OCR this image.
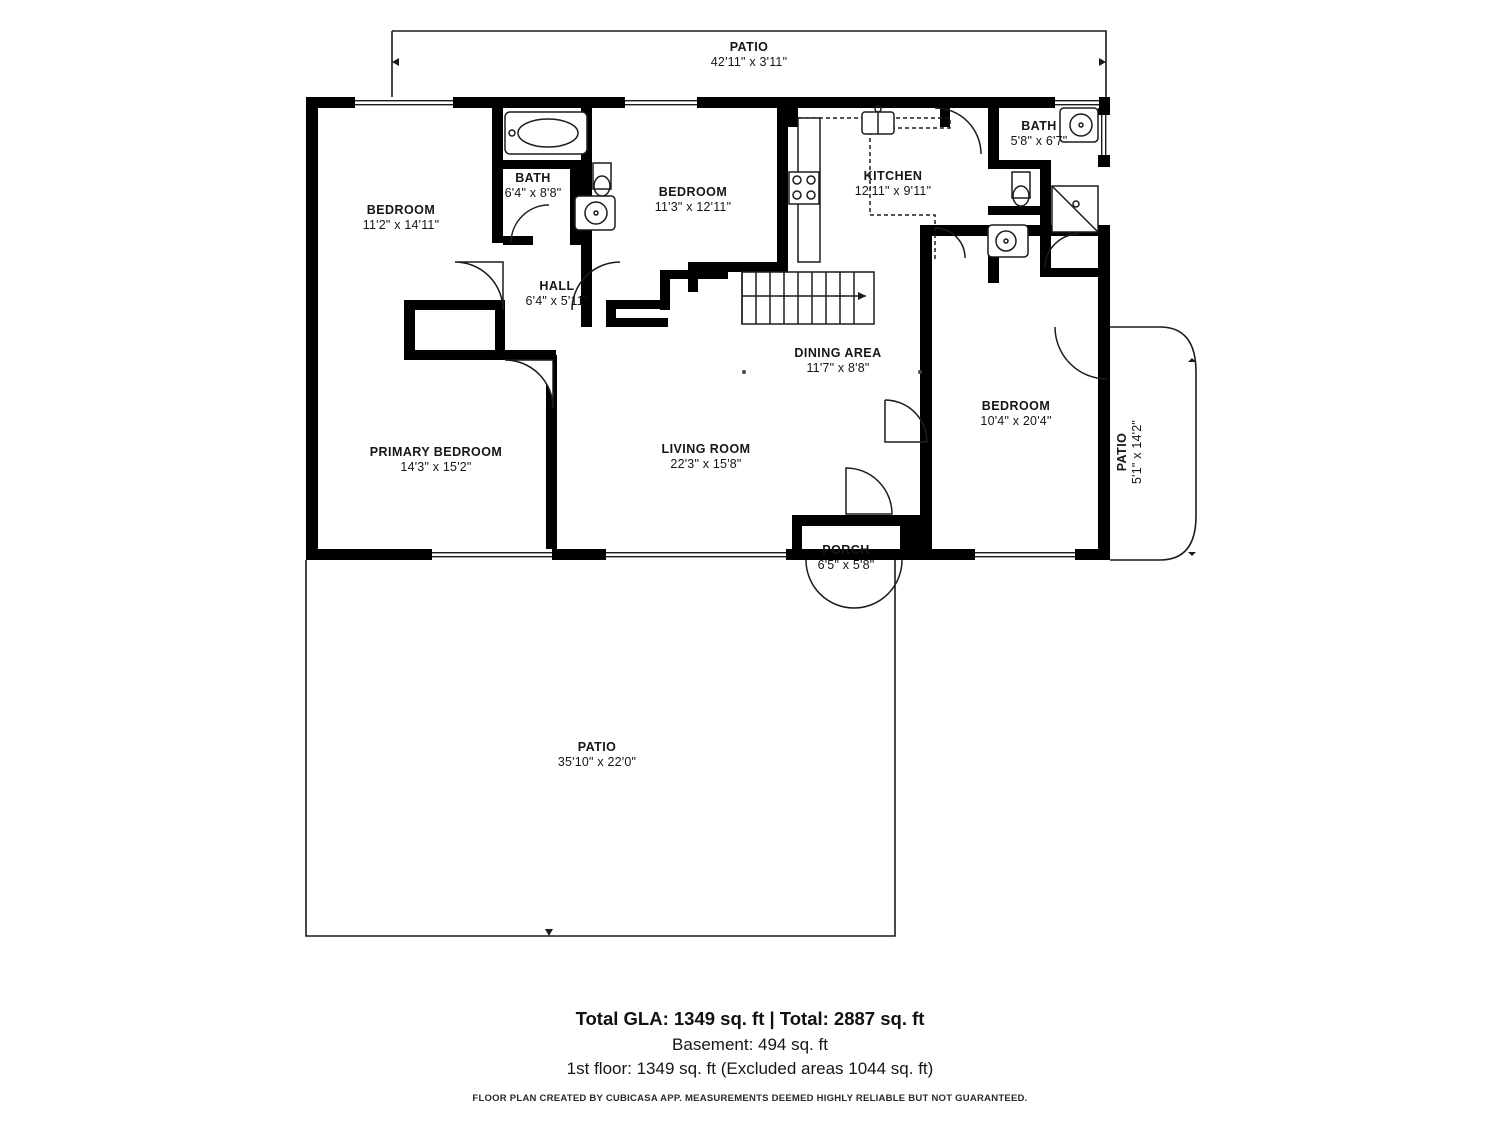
PATIO
42'11" x 3'11"
BEDROOM
11'2" x 14'11"
BATH
6'4" x 8'8"	BEDROOM
11'3" x 12'11"
KITCHEN
12'11" x 9'11"
BATH
5'8" x 6'7"
HALL
6'4" x 5'11"
DINING AREA
11'7" x 8'8"
BEDROOM
10'4" x 20'4"
PRIMARY BEDROOM
14'3" x 15'2"
LIVING ROOM
22'3" x 15'8"	PATIO 5'1" x 14'2"
PORCH
6'5" x 5'8"
PATIO
35'10" x 22'0"
Total GLA: 1349 sq. ft | Total: 2887 sq. ft
Basement: 494 sq. ft
1st floor: 1349 sq. ft (Excluded areas 1044 sq. ft)
FLOOR PLAN CREATED BY CUBICASA APP. MEASUREMENTS DEEMED HIGHLY RELIABLE BUT NOT GUARANTEED.
